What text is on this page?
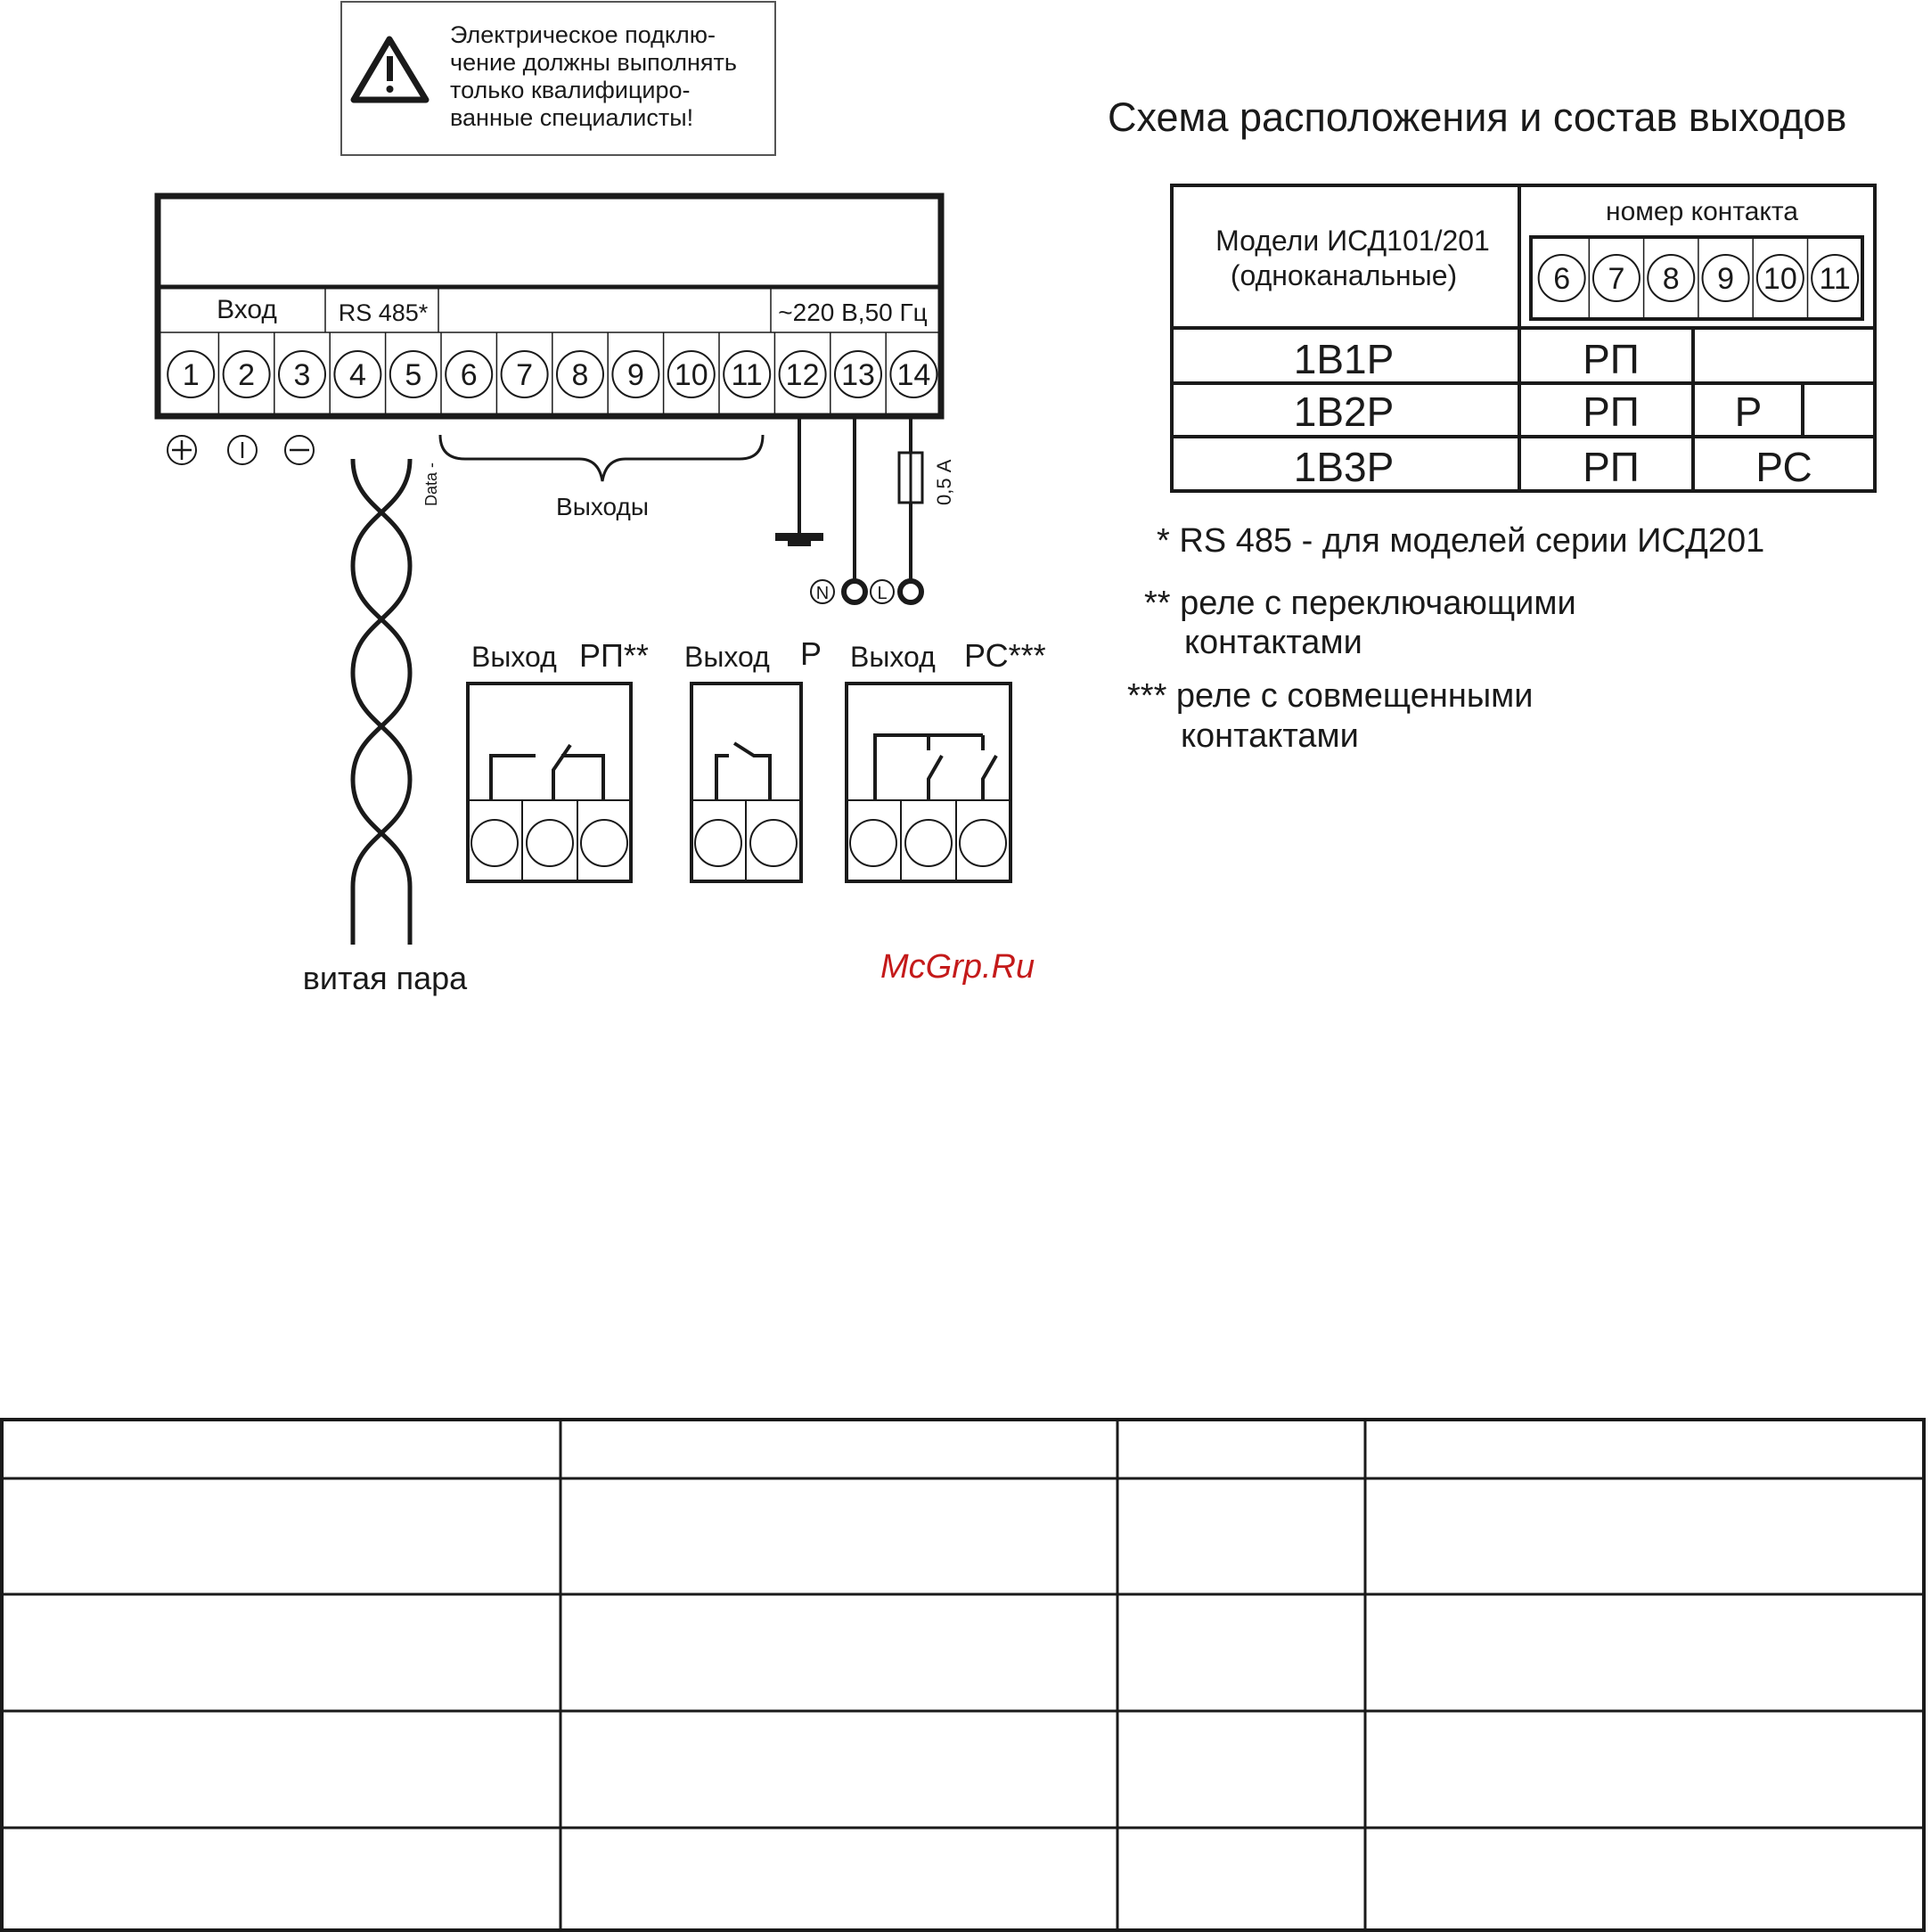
Электрическое подклю-
чение должны выполнять
только квалифициро-
ванные специалисты!
Вход	RS 485*	~220 В,50 Гц
1 2 3 4 5 6 7 8 9 10 11 12 13 14
I
Data -
витая пара
Выходы
N
0,5 А
L
Выход РП** Выход Р Выход РС***
Схема расположения и состав выходов
Модели ИСД101/201
(одноканальные)
номер контакта
6 7 8 9 10 11
1В1Р	РП
1В2Р	РП Р
1В3Р	РП	РС
* RS 485 - для моделей серии ИСД201
** реле с переключающими
контактами
*** реле с совмещенными
контактами
McGrp.Ru
